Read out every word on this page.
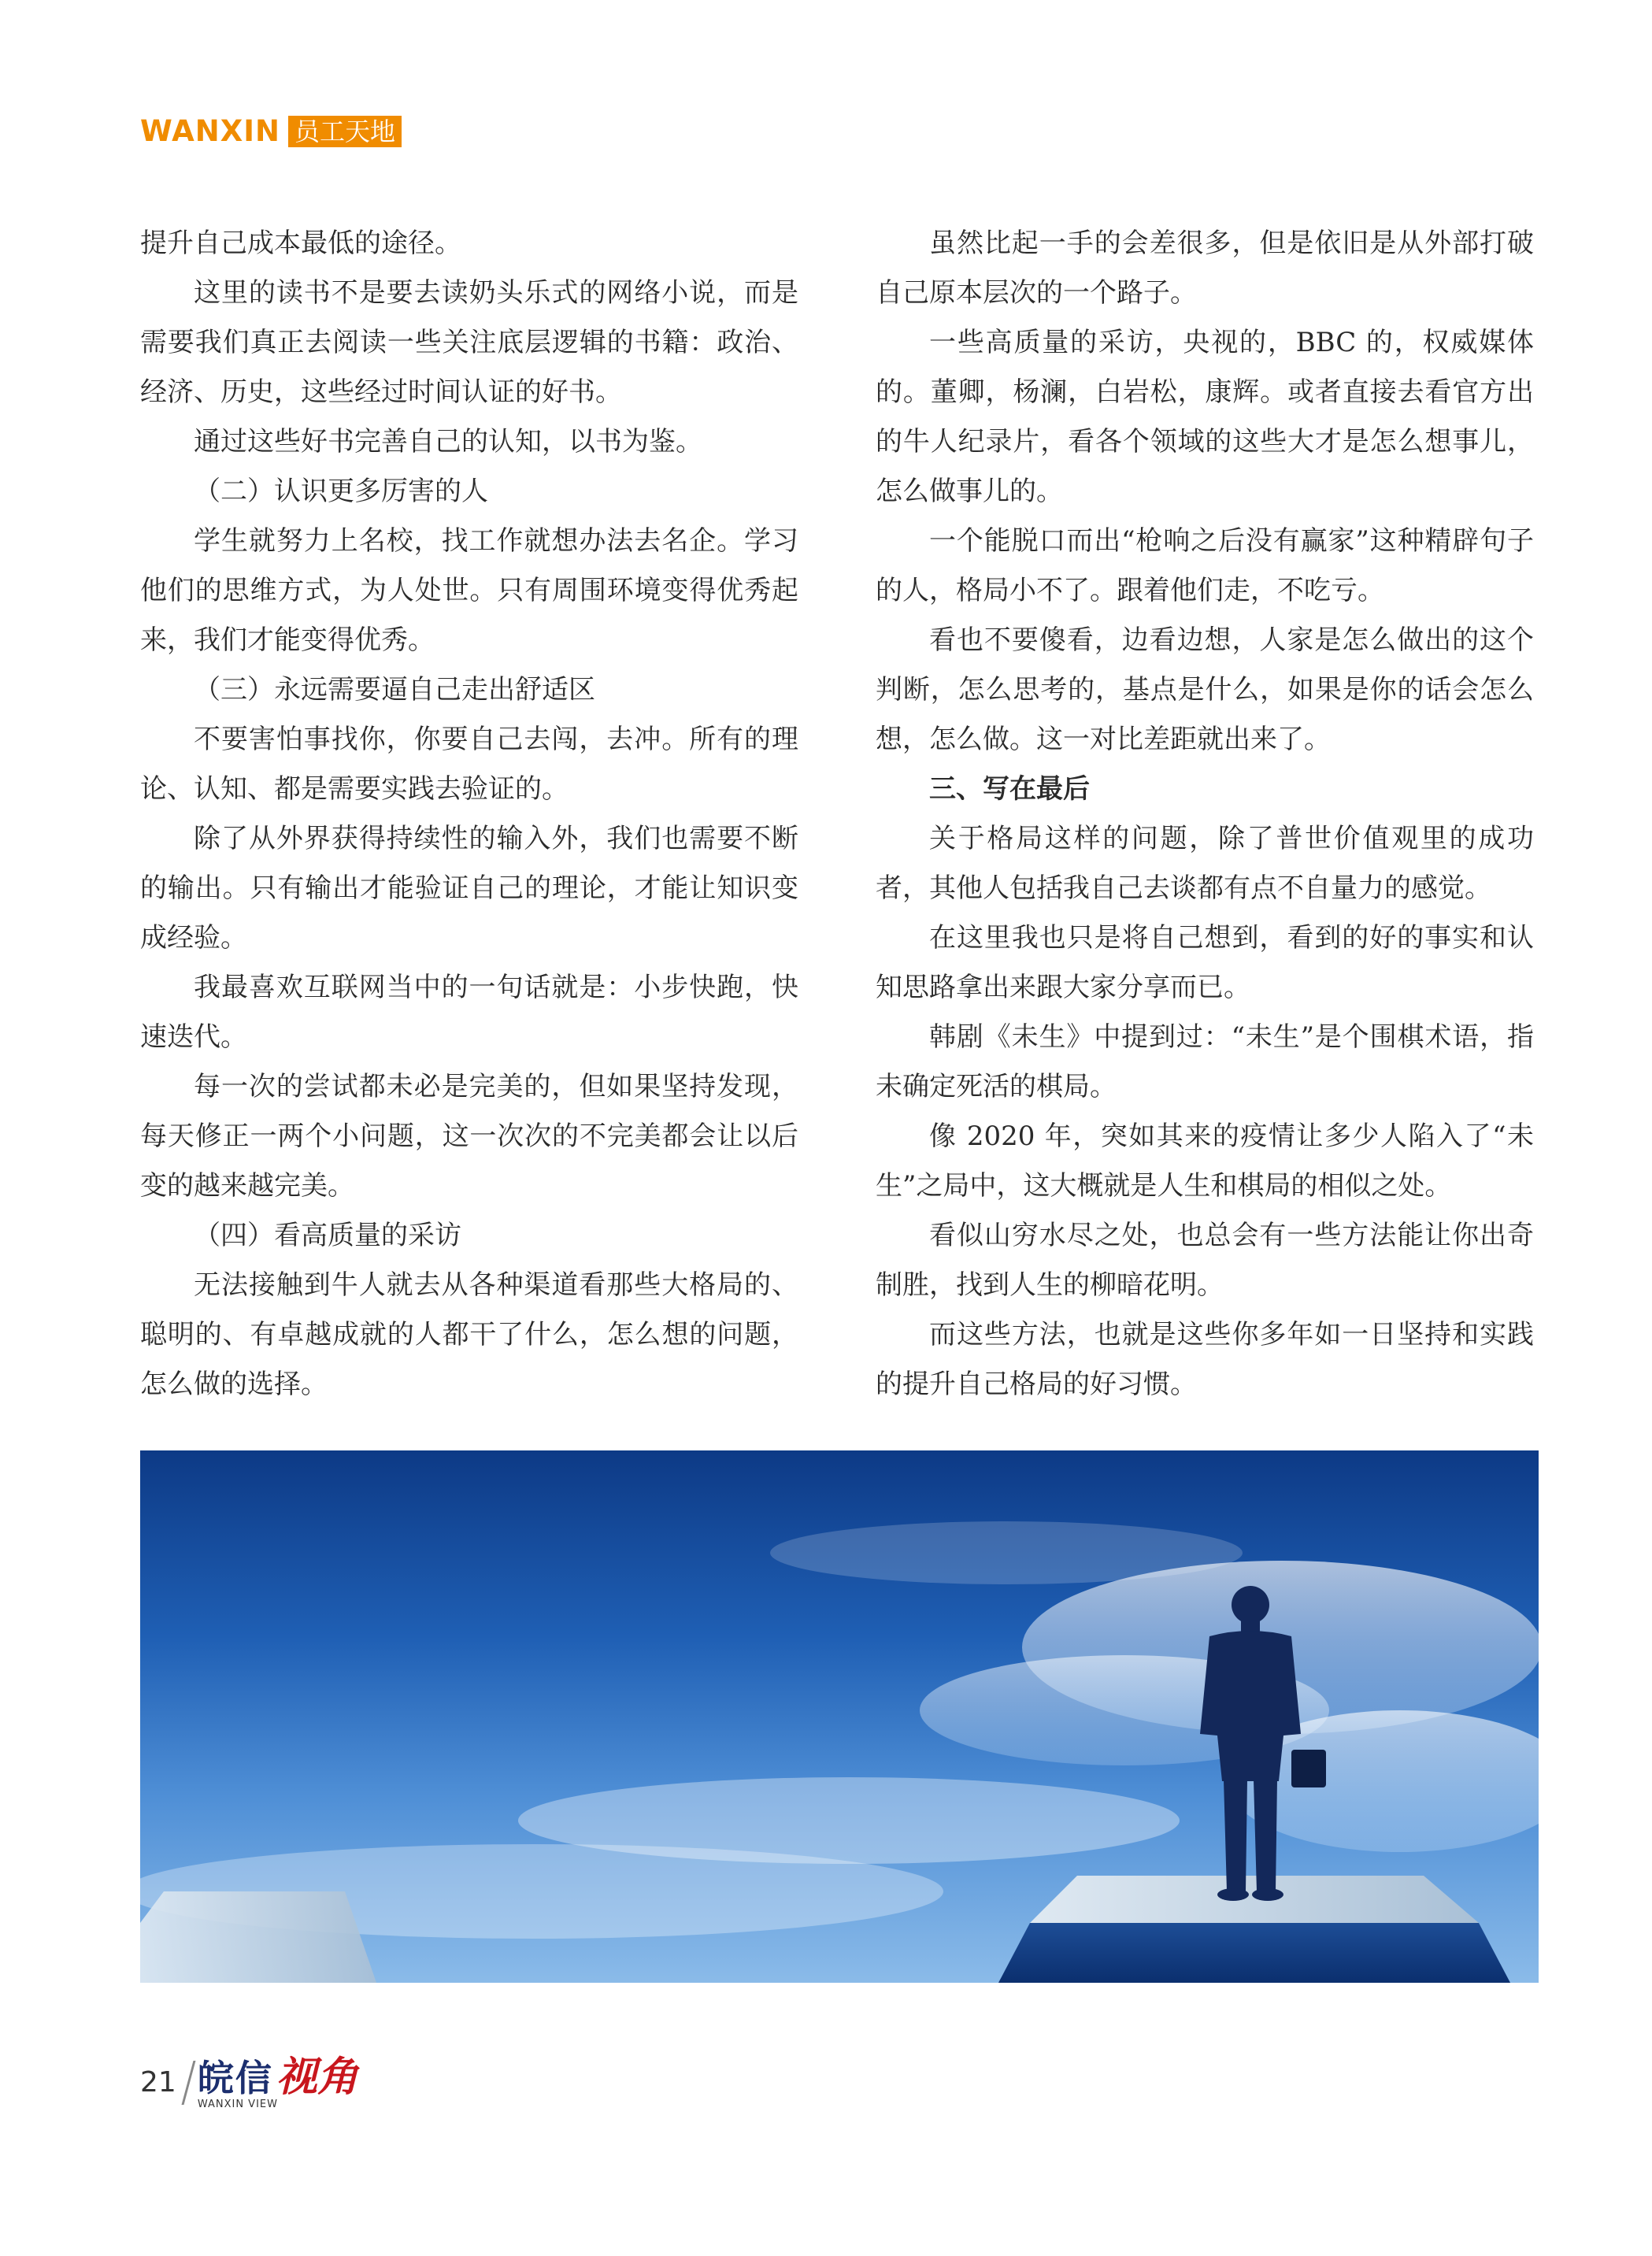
WANXIN 员工天地

提升自己成本最低的途径。

这里的读书不是要去读奶头乐式的网络小说，而是需要我们真正去阅读一些关注底层逻辑的书籍：政治、经济、历史，这些经过时间认证的好书。

通过这些好书完善自己的认知，以书为鉴。

（二）认识更多厉害的人

学生就努力上名校，找工作就想办法去名企。学习他们的思维方式，为人处世。只有周围环境变得优秀起来，我们才能变得优秀。

（三）永远需要逼自己走出舒适区

不要害怕事找你，你要自己去闯，去冲。所有的理论、认知、都是需要实践去验证的。

除了从外界获得持续性的输入外，我们也需要不断的输出。只有输出才能验证自己的理论，才能让知识变成经验。

我最喜欢互联网当中的一句话就是：小步快跑，快速迭代。

每一次的尝试都未必是完美的，但如果坚持发现，每天修正一两个小问题，这一次次的不完美都会让以后变的越来越完美。

（四）看高质量的采访

无法接触到牛人就去从各种渠道看那些大格局的、聪明的、有卓越成就的人都干了什么，怎么想的问题，怎么做的选择。

虽然比起一手的会差很多，但是依旧是从外部打破自己原本层次的一个路子。

一些高质量的采访，央视的，BBC 的，权威媒体的。董卿，杨澜，白岩松，康辉。或者直接去看官方出的牛人纪录片，看各个领域的这些大才是怎么想事儿，怎么做事儿的。

一个能脱口而出“枪响之后没有赢家”这种精辟句子的人，格局小不了。跟着他们走，不吃亏。

看也不要傻看，边看边想，人家是怎么做出的这个判断，怎么思考的，基点是什么，如果是你的话会怎么想，怎么做。这一对比差距就出来了。

三、写在最后

关于格局这样的问题，除了普世价值观里的成功者，其他人包括我自己去谈都有点不自量力的感觉。

在这里我也只是将自己想到，看到的好的事实和认知思路拿出来跟大家分享而已。

韩剧《未生》中提到过：“未生”是个围棋术语，指未确定死活的棋局。

像 2020 年，突如其来的疫情让多少人陷入了“未生”之局中，这大概就是人生和棋局的相似之处。

看似山穷水尽之处，也总会有一些方法能让你出奇制胜，找到人生的柳暗花明。

而这些方法，也就是这些你多年如一日坚持和实践的提升自己格局的好习惯。

21 皖信 视角
WANXIN VIEW
